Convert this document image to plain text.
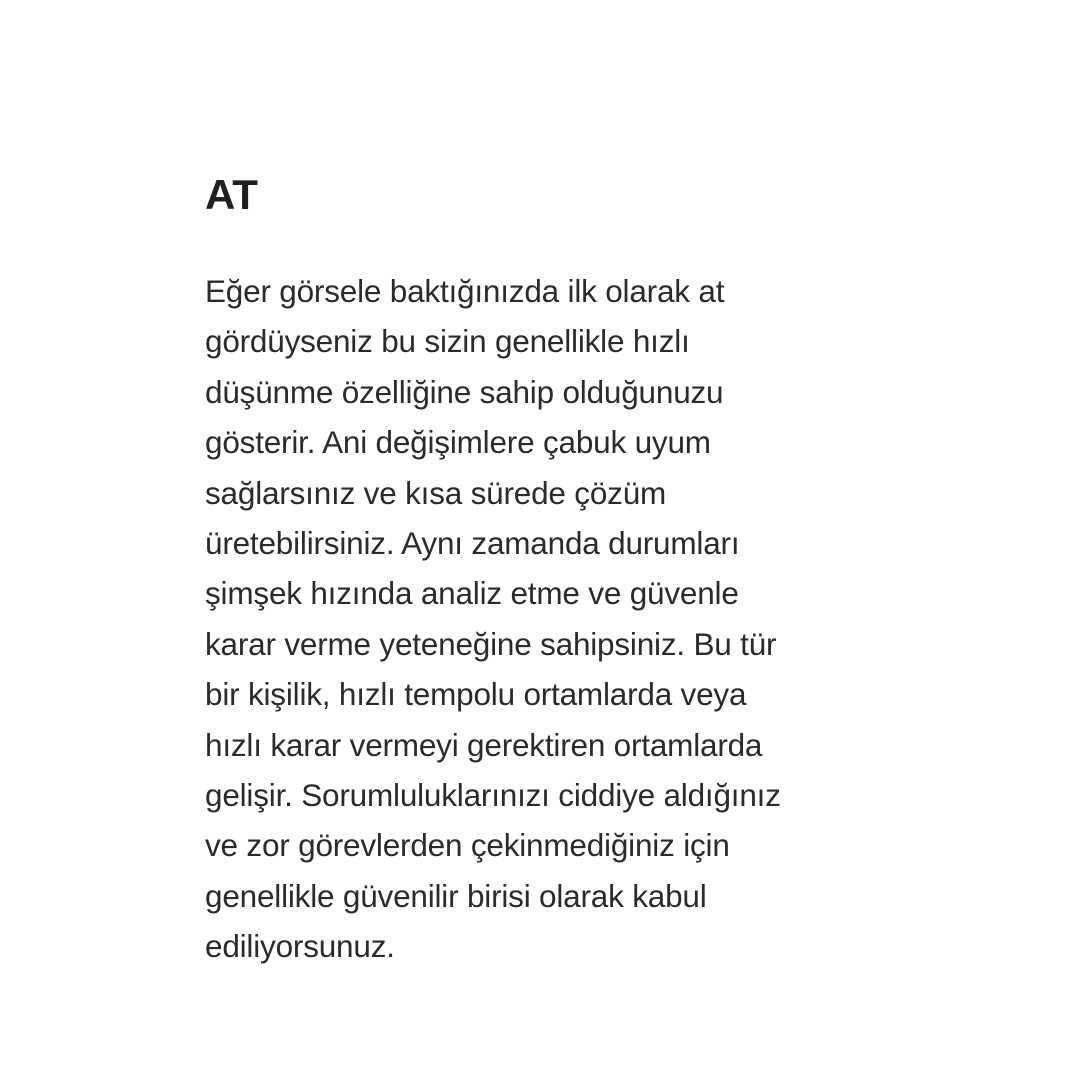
AT

Eğer görsele baktığınızda ilk olarak at
gördüyseniz bu sizin genellikle hızlı
düşünme özelliğine sahip olduğunuzu
gösterir. Ani değişimlere çabuk uyum
sağlarsınız ve kısa sürede çözüm
üretebilirsiniz. Aynı zamanda durumları
şimşek hızında analiz etme ve güvenle
karar verme yeteneğine sahipsiniz. Bu tür
bir kişilik, hızlı tempolu ortamlarda veya
hızlı karar vermeyi gerektiren ortamlarda
gelişir. Sorumluluklarınızı ciddiye aldığınız
ve zor görevlerden çekinmediğiniz için
genellikle güvenilir birisi olarak kabul
ediliyorsunuz.
